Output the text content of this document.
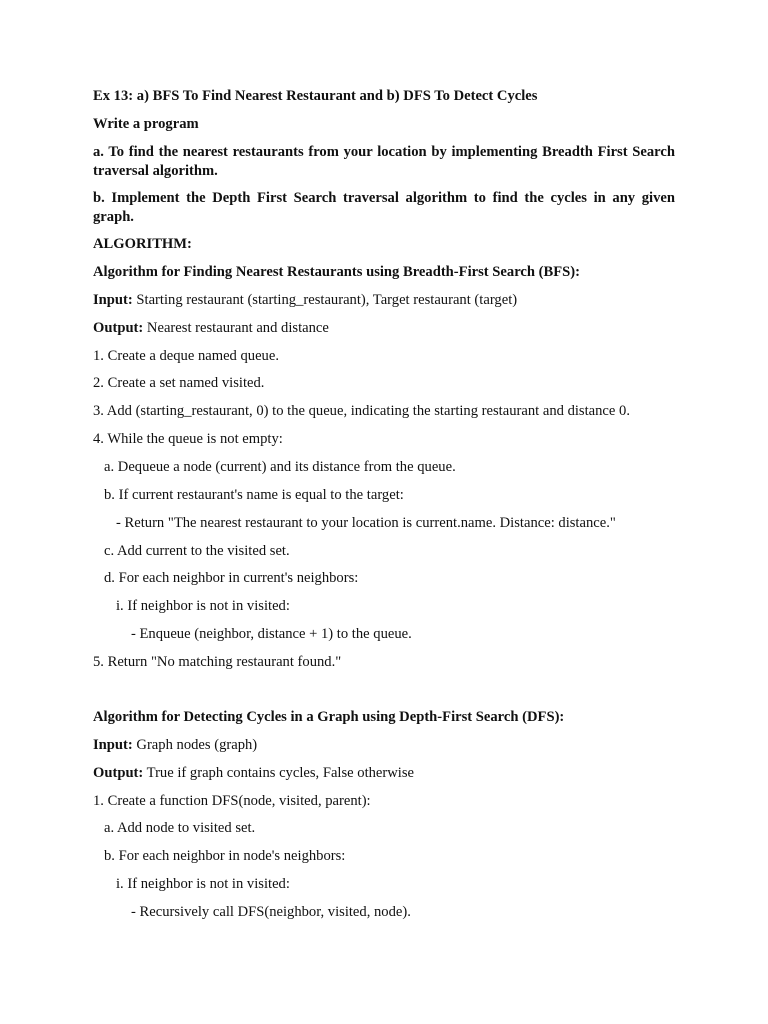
Ex 13: a) BFS To Find Nearest Restaurant and b) DFS To Detect Cycles
Write a program
a. To find the nearest restaurants from your location by implementing Breadth First Search traversal algorithm.
b. Implement the Depth First Search traversal algorithm to find the cycles in any given graph.
ALGORITHM:
Algorithm for Finding Nearest Restaurants using Breadth-First Search (BFS):
Input: Starting restaurant (starting_restaurant), Target restaurant (target)
Output: Nearest restaurant and distance
1. Create a deque named queue.
2. Create a set named visited.
3. Add (starting_restaurant, 0) to the queue, indicating the starting restaurant and distance 0.
4. While the queue is not empty:
a. Dequeue a node (current) and its distance from the queue.
b. If current restaurant's name is equal to the target:
- Return "The nearest restaurant to your location is current.name. Distance: distance."
c. Add current to the visited set.
d. For each neighbor in current's neighbors:
i. If neighbor is not in visited:
- Enqueue (neighbor, distance + 1) to the queue.
5. Return "No matching restaurant found."
Algorithm for Detecting Cycles in a Graph using Depth-First Search (DFS):
Input: Graph nodes (graph)
Output: True if graph contains cycles, False otherwise
1. Create a function DFS(node, visited, parent):
a. Add node to visited set.
b. For each neighbor in node's neighbors:
i. If neighbor is not in visited:
- Recursively call DFS(neighbor, visited, node).
